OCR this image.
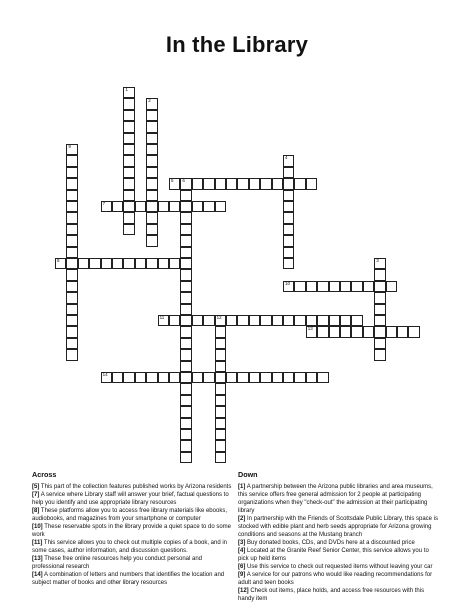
In the Library
1
2
3
4
5 6
7
8
9
10
11	12
13
14
Across
[5] This part of the collection features published works by Arizona residents
[7] A service where Library staff will answer your brief, factual questions to help you identify and use appropriate library resources
[8] These platforms allow you to access free library materials like ebooks, audiobooks, and magazines from your smartphone or computer
[10] These reservable spots in the library provide a quiet space to do some work
[11] This service allows you to check out multiple copies of a book, and in some cases, author information, and discussion questions.
[13] These free online resources help you conduct personal and professional research
[14] A combination of letters and numbers that identifies the location and subject matter of books and other library resources
Down
[1] A partnership between the Arizona public libraries and area museums, this service offers free general admission for 2 people at participating organizations when they "check-out" the admission at their participating library
[2] In partnership with the Friends of Scottsdale Public Library, this space is stocked with edible plant and herb seeds appropriate for Arizona growing conditions and seasons at the Mustang branch
[3] Buy donated books, CDs, and DVDs here at a discounted price
[4] Located at the Granite Reef Senior Center, this service allows you to pick up held items
[6] Use this service to check out requested items without leaving your car
[9] A service for our patrons who would like reading recommendations for adult and teen books
[12] Check out items, place holds, and access free resources with this handy item
